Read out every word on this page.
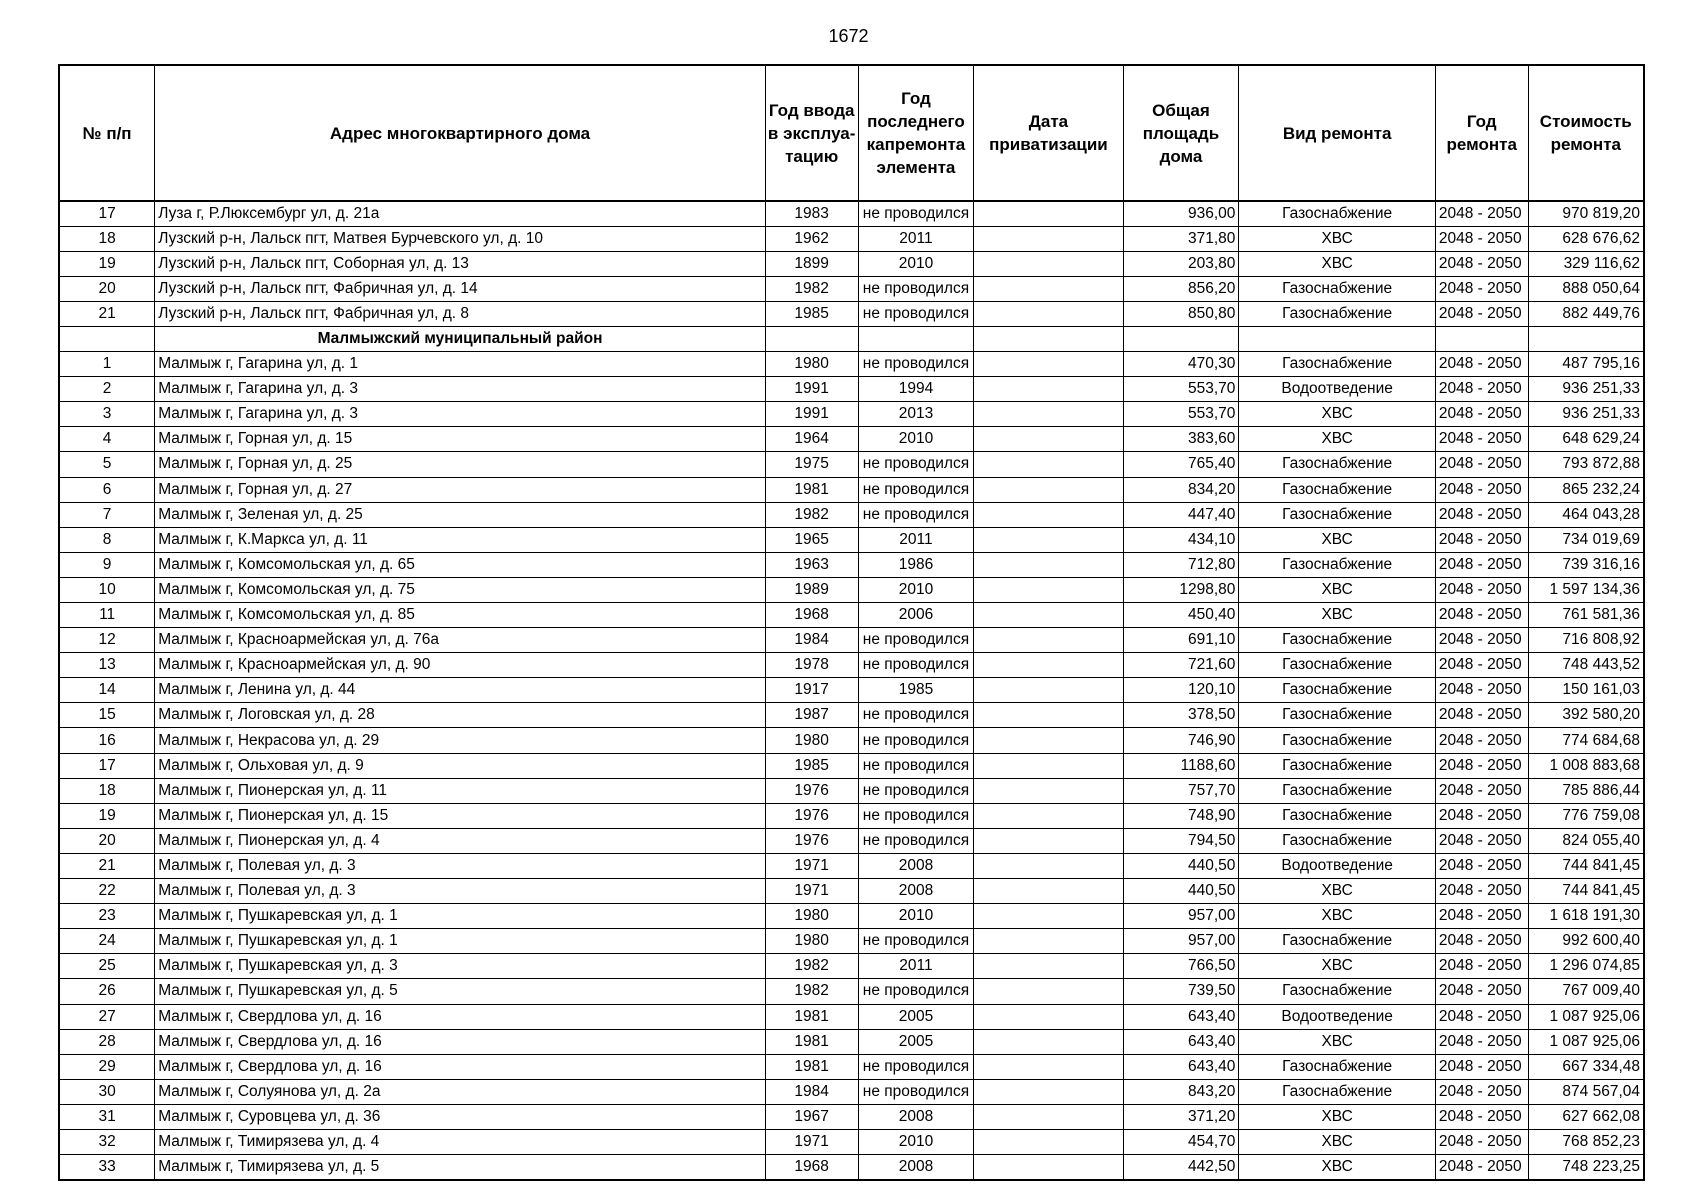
1672
№ п/п	Адрес многоквартирного дома	Год ввода в эксплуа-тацию	Год последнего капремонта элемента	Дата приватизации	Общая площадь дома	Вид ремонта	Год ремонта	Стоимость ремонта
17	Луза г, Р.Люксембург ул, д. 21а	1983	не проводился		936,00	Газоснабжение	2048 - 2050	970 819,20
18	Лузский р-н, Лальск пгт, Матвея Бурчевского ул, д. 10	1962	2011		371,80	ХВС	2048 - 2050	628 676,62
19	Лузский р-н, Лальск пгт, Соборная ул, д. 13	1899	2010		203,80	ХВС	2048 - 2050	329 116,62
20	Лузский р-н, Лальск пгт, Фабричная ул, д. 14	1982	не проводился		856,20	Газоснабжение	2048 - 2050	888 050,64
21	Лузский р-н, Лальск пгт, Фабричная ул, д. 8	1985	не проводился		850,80	Газоснабжение	2048 - 2050	882 449,76
	Малмыжский муниципальный район							
1	Малмыж г, Гагарина ул, д. 1	1980	не проводился		470,30	Газоснабжение	2048 - 2050	487 795,16
2	Малмыж г, Гагарина ул, д. 3	1991	1994		553,70	Водоотведение	2048 - 2050	936 251,33
3	Малмыж г, Гагарина ул, д. 3	1991	2013		553,70	ХВС	2048 - 2050	936 251,33
4	Малмыж г, Горная ул, д. 15	1964	2010		383,60	ХВС	2048 - 2050	648 629,24
5	Малмыж г, Горная ул, д. 25	1975	не проводился		765,40	Газоснабжение	2048 - 2050	793 872,88
6	Малмыж г, Горная ул, д. 27	1981	не проводился		834,20	Газоснабжение	2048 - 2050	865 232,24
7	Малмыж г, Зеленая ул, д. 25	1982	не проводился		447,40	Газоснабжение	2048 - 2050	464 043,28
8	Малмыж г, К.Маркса ул, д. 11	1965	2011		434,10	ХВС	2048 - 2050	734 019,69
9	Малмыж г, Комсомольская ул, д. 65	1963	1986		712,80	Газоснабжение	2048 - 2050	739 316,16
10	Малмыж г, Комсомольская ул, д. 75	1989	2010		1298,80	ХВС	2048 - 2050	1 597 134,36
11	Малмыж г, Комсомольская ул, д. 85	1968	2006		450,40	ХВС	2048 - 2050	761 581,36
12	Малмыж г, Красноармейская ул, д. 76а	1984	не проводился		691,10	Газоснабжение	2048 - 2050	716 808,92
13	Малмыж г, Красноармейская ул, д. 90	1978	не проводился		721,60	Газоснабжение	2048 - 2050	748 443,52
14	Малмыж г, Ленина ул, д. 44	1917	1985		120,10	Газоснабжение	2048 - 2050	150 161,03
15	Малмыж г, Логовская ул, д. 28	1987	не проводился		378,50	Газоснабжение	2048 - 2050	392 580,20
16	Малмыж г, Некрасова ул, д. 29	1980	не проводился		746,90	Газоснабжение	2048 - 2050	774 684,68
17	Малмыж г, Ольховая ул, д. 9	1985	не проводился		1188,60	Газоснабжение	2048 - 2050	1 008 883,68
18	Малмыж г, Пионерская ул, д. 11	1976	не проводился		757,70	Газоснабжение	2048 - 2050	785 886,44
19	Малмыж г, Пионерская ул, д. 15	1976	не проводился		748,90	Газоснабжение	2048 - 2050	776 759,08
20	Малмыж г, Пионерская ул, д. 4	1976	не проводился		794,50	Газоснабжение	2048 - 2050	824 055,40
21	Малмыж г, Полевая ул, д. 3	1971	2008		440,50	Водоотведение	2048 - 2050	744 841,45
22	Малмыж г, Полевая ул, д. 3	1971	2008		440,50	ХВС	2048 - 2050	744 841,45
23	Малмыж г, Пушкаревская ул, д. 1	1980	2010		957,00	ХВС	2048 - 2050	1 618 191,30
24	Малмыж г, Пушкаревская ул, д. 1	1980	не проводился		957,00	Газоснабжение	2048 - 2050	992 600,40
25	Малмыж г, Пушкаревская ул, д. 3	1982	2011		766,50	ХВС	2048 - 2050	1 296 074,85
26	Малмыж г, Пушкаревская ул, д. 5	1982	не проводился		739,50	Газоснабжение	2048 - 2050	767 009,40
27	Малмыж г, Свердлова ул, д. 16	1981	2005		643,40	Водоотведение	2048 - 2050	1 087 925,06
28	Малмыж г, Свердлова ул, д. 16	1981	2005		643,40	ХВС	2048 - 2050	1 087 925,06
29	Малмыж г, Свердлова ул, д. 16	1981	не проводился		643,40	Газоснабжение	2048 - 2050	667 334,48
30	Малмыж г, Солуянова ул, д. 2а	1984	не проводился		843,20	Газоснабжение	2048 - 2050	874 567,04
31	Малмыж г, Суровцева ул, д. 36	1967	2008		371,20	ХВС	2048 - 2050	627 662,08
32	Малмыж г, Тимирязева ул, д. 4	1971	2010		454,70	ХВС	2048 - 2050	768 852,23
33	Малмыж г, Тимирязева ул, д. 5	1968	2008		442,50	ХВС	2048 - 2050	748 223,25
